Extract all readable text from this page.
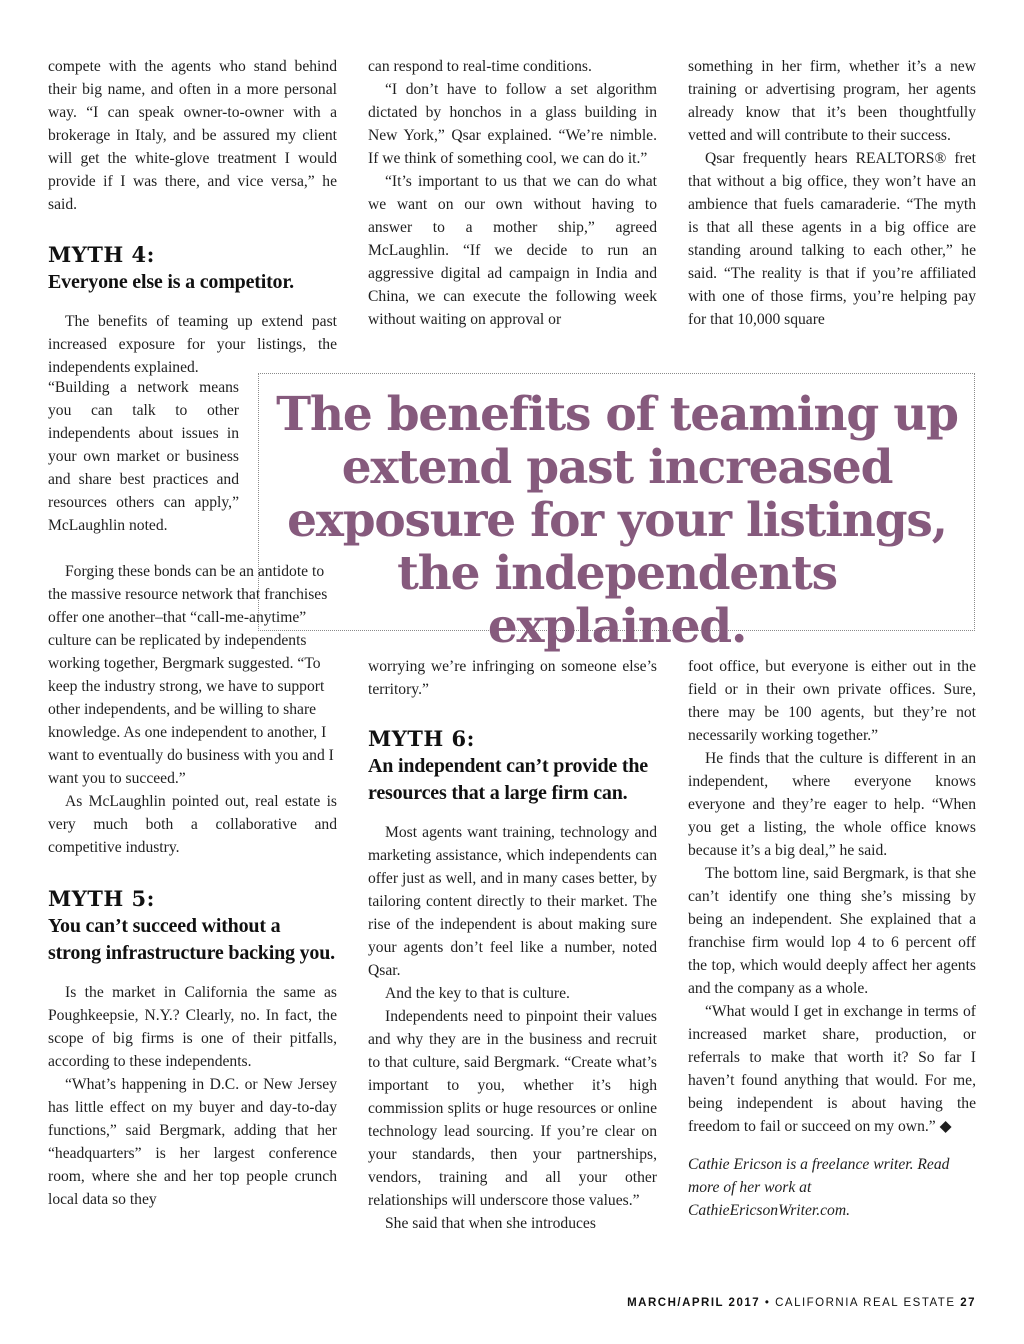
compete with the agents who stand behind their big name, and often in a more personal way. “I can speak owner-to-owner with a brokerage in Italy, and be assured my client will get the white-glove treatment I would provide if I was there, and vice versa,” he said.

MYTH 4:
Everyone else is a competitor.

The benefits of teaming up extend past increased exposure for your listings, the independents explained.

“Building a network means you can talk to other independents about issues in your own market or business and share best practices and resources others can apply,” McLaughlin noted.

Forging these bonds can be an antidote to the massive resource network that franchises offer one another–that “call-me-anytime” culture can be replicated by independents working together, Bergmark suggested. “To keep the industry strong, we have to support other independents, and be willing to share knowledge. As one independent to another, I want to eventually do business with you and I want you to succeed.”

As McLaughlin pointed out, real estate is very much both a collaborative and competitive industry.

MYTH 5:
You can’t succeed without a strong infrastructure backing you.

Is the market in California the same as Poughkeepsie, N.Y.? Clearly, no. In fact, the scope of big firms is one of their pitfalls, according to these independents.

“What’s happening in D.C. or New Jersey has little effect on my buyer and day-to-day functions,” said Bergmark, adding that her “headquarters” is her largest conference room, where she and her top people crunch local data so they

can respond to real-time conditions.

“I don’t have to follow a set algorithm dictated by honchos in a glass building in New York,” Qsar explained. “We’re nimble. If we think of something cool, we can do it.”

“It’s important to us that we can do what we want on our own without having to answer to a mother ship,” agreed McLaughlin. “If we decide to run an aggressive digital ad campaign in India and China, we can execute the following week without waiting on approval or

worrying we’re infringing on someone else’s territory.”

MYTH 6:
An independent can’t provide the resources that a large firm can.

Most agents want training, technology and marketing assistance, which independents can offer just as well, and in many cases better, by tailoring content directly to their market. The rise of the independent is about making sure your agents don’t feel like a number, noted Qsar.

And the key to that is culture.

Independents need to pinpoint their values and why they are in the business and recruit to that culture, said Bergmark. “Create what’s important to you, whether it’s high commission splits or huge resources or online technology lead sourcing. If you’re clear on your standards, then your partnerships, vendors, training and all your other relationships will underscore those values.”

She said that when she introduces

something in her firm, whether it’s a new training or advertising program, her agents already know that it’s been thoughtfully vetted and will contribute to their success.

Qsar frequently hears REALTORS® fret that without a big office, they won’t have an ambience that fuels camaraderie. “The myth is that all these agents in a big office are standing around talking to each other,” he said. “The reality is that if you’re affiliated with one of those firms, you’re helping pay for that 10,000 square

foot office, but everyone is either out in the field or in their own private offices. Sure, there may be 100 agents, but they’re not necessarily working together.”

He finds that the culture is different in an independent, where everyone knows everyone and they’re eager to help. “When you get a listing, the whole office knows because it’s a big deal,” he said.

The bottom line, said Bergmark, is that she can’t identify one thing she’s missing by being an independent. She explained that a franchise firm would lop 4 to 6 percent off the top, which would deeply affect her agents and the company as a whole.

“What would I get in exchange in terms of increased market share, production, or referrals to make that worth it? So far I haven’t found anything that would. For me, being independent is about having the freedom to fail or succeed on my own.” ◆

Cathie Ericson is a freelance writer. Read more of her work at CathieEricsonWriter.com.

The benefits of teaming up
extend past increased
exposure for your listings,
the independents explained.
MARCH/APRIL 2017 • CALIFORNIA REAL ESTATE 27
